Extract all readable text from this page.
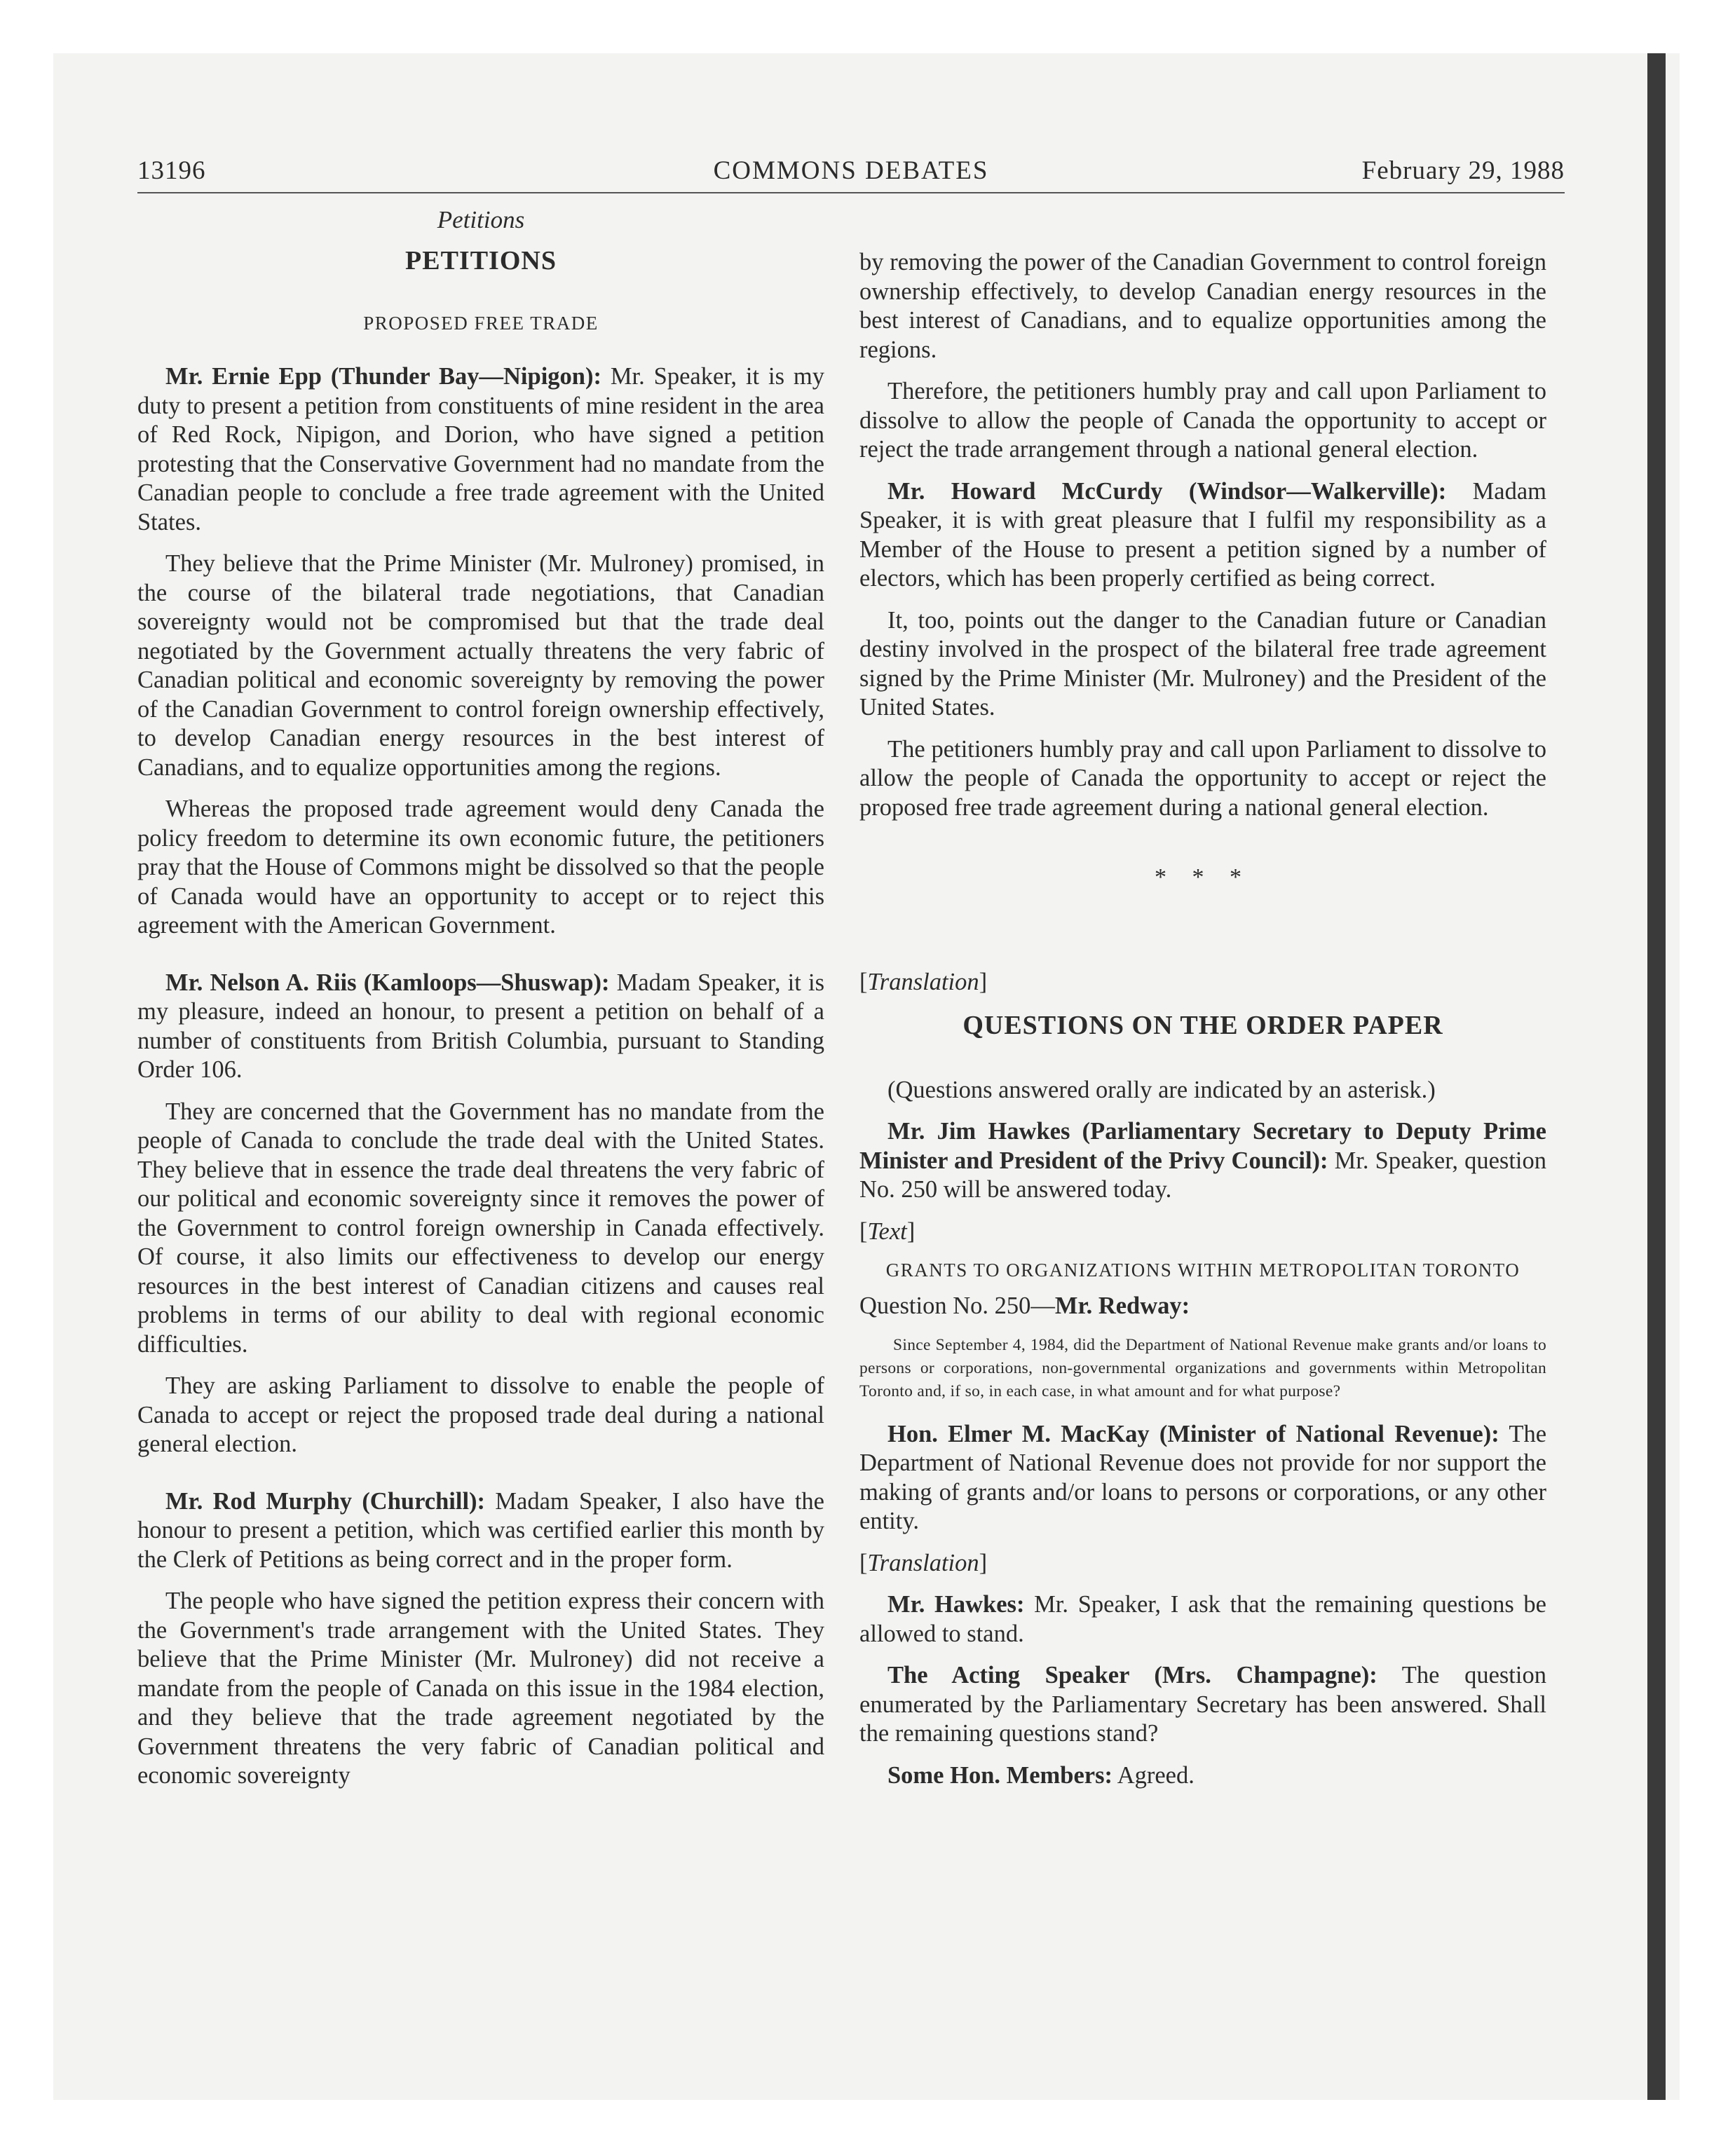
13196	COMMONS DEBATES	February 29, 1988
Petitions
PETITIONS
PROPOSED FREE TRADE

Mr. Ernie Epp (Thunder Bay—Nipigon): Mr. Speaker, it is my duty to present a petition from constituents of mine resident in the area of Red Rock, Nipigon, and Dorion, who have signed a petition protesting that the Conservative Government had no mandate from the Canadian people to conclude a free trade agreement with the United States.

They believe that the Prime Minister (Mr. Mulroney) promised, in the course of the bilateral trade negotiations, that Canadian sovereignty would not be compromised but that the trade deal negotiated by the Government actually threatens the very fabric of Canadian political and economic sovereignty by removing the power of the Canadian Government to control foreign ownership effectively, to develop Canadian energy resources in the best interest of Canadians, and to equalize opportunities among the regions.

Whereas the proposed trade agreement would deny Canada the policy freedom to determine its own economic future, the petitioners pray that the House of Commons might be dissolved so that the people of Canada would have an opportunity to accept or to reject this agreement with the American Government.

Mr. Nelson A. Riis (Kamloops—Shuswap): Madam Speaker, it is my pleasure, indeed an honour, to present a petition on behalf of a number of constituents from British Columbia, pursuant to Standing Order 106.

They are concerned that the Government has no mandate from the people of Canada to conclude the trade deal with the United States. They believe that in essence the trade deal threatens the very fabric of our political and economic sovereignty since it removes the power of the Government to control foreign ownership in Canada effectively. Of course, it also limits our effectiveness to develop our energy resources in the best interest of Canadian citizens and causes real problems in terms of our ability to deal with regional economic difficulties.

They are asking Parliament to dissolve to enable the people of Canada to accept or reject the proposed trade deal during a national general election.

Mr. Rod Murphy (Churchill): Madam Speaker, I also have the honour to present a petition, which was certified earlier this month by the Clerk of Petitions as being correct and in the proper form.

The people who have signed the petition express their concern with the Government's trade arrangement with the United States. They believe that the Prime Minister (Mr. Mulroney) did not receive a mandate from the people of Canada on this issue in the 1984 election, and they believe that the trade agreement negotiated by the Government threatens the very fabric of Canadian political and economic sovereignty

by removing the power of the Canadian Government to control foreign ownership effectively, to develop Canadian energy resources in the best interest of Canadians, and to equalize opportunities among the regions.

Therefore, the petitioners humbly pray and call upon Parliament to dissolve to allow the people of Canada the opportunity to accept or reject the trade arrangement through a national general election.

Mr. Howard McCurdy (Windsor—Walkerville): Madam Speaker, it is with great pleasure that I fulfil my responsibility as a Member of the House to present a petition signed by a number of electors, which has been properly certified as being correct.

It, too, points out the danger to the Canadian future or Canadian destiny involved in the prospect of the bilateral free trade agreement signed by the Prime Minister (Mr. Mulroney) and the President of the United States.

The petitioners humbly pray and call upon Parliament to dissolve to allow the people of Canada the opportunity to accept or reject the proposed free trade agreement during a national general election.

* * *

[Translation]

QUESTIONS ON THE ORDER PAPER

(Questions answered orally are indicated by an asterisk.)

Mr. Jim Hawkes (Parliamentary Secretary to Deputy Prime Minister and President of the Privy Council): Mr. Speaker, question No. 250 will be answered today.

[Text]

GRANTS TO ORGANIZATIONS WITHIN METROPOLITAN TORONTO

Question No. 250—Mr. Redway:

Since September 4, 1984, did the Department of National Revenue make grants and/or loans to persons or corporations, non-governmental organizations and governments within Metropolitan Toronto and, if so, in each case, in what amount and for what purpose?

Hon. Elmer M. MacKay (Minister of National Revenue): The Department of National Revenue does not provide for nor support the making of grants and/or loans to persons or corporations, or any other entity.

[Translation]

Mr. Hawkes: Mr. Speaker, I ask that the remaining questions be allowed to stand.

The Acting Speaker (Mrs. Champagne): The question enumerated by the Parliamentary Secretary has been answered. Shall the remaining questions stand?

Some Hon. Members: Agreed.
